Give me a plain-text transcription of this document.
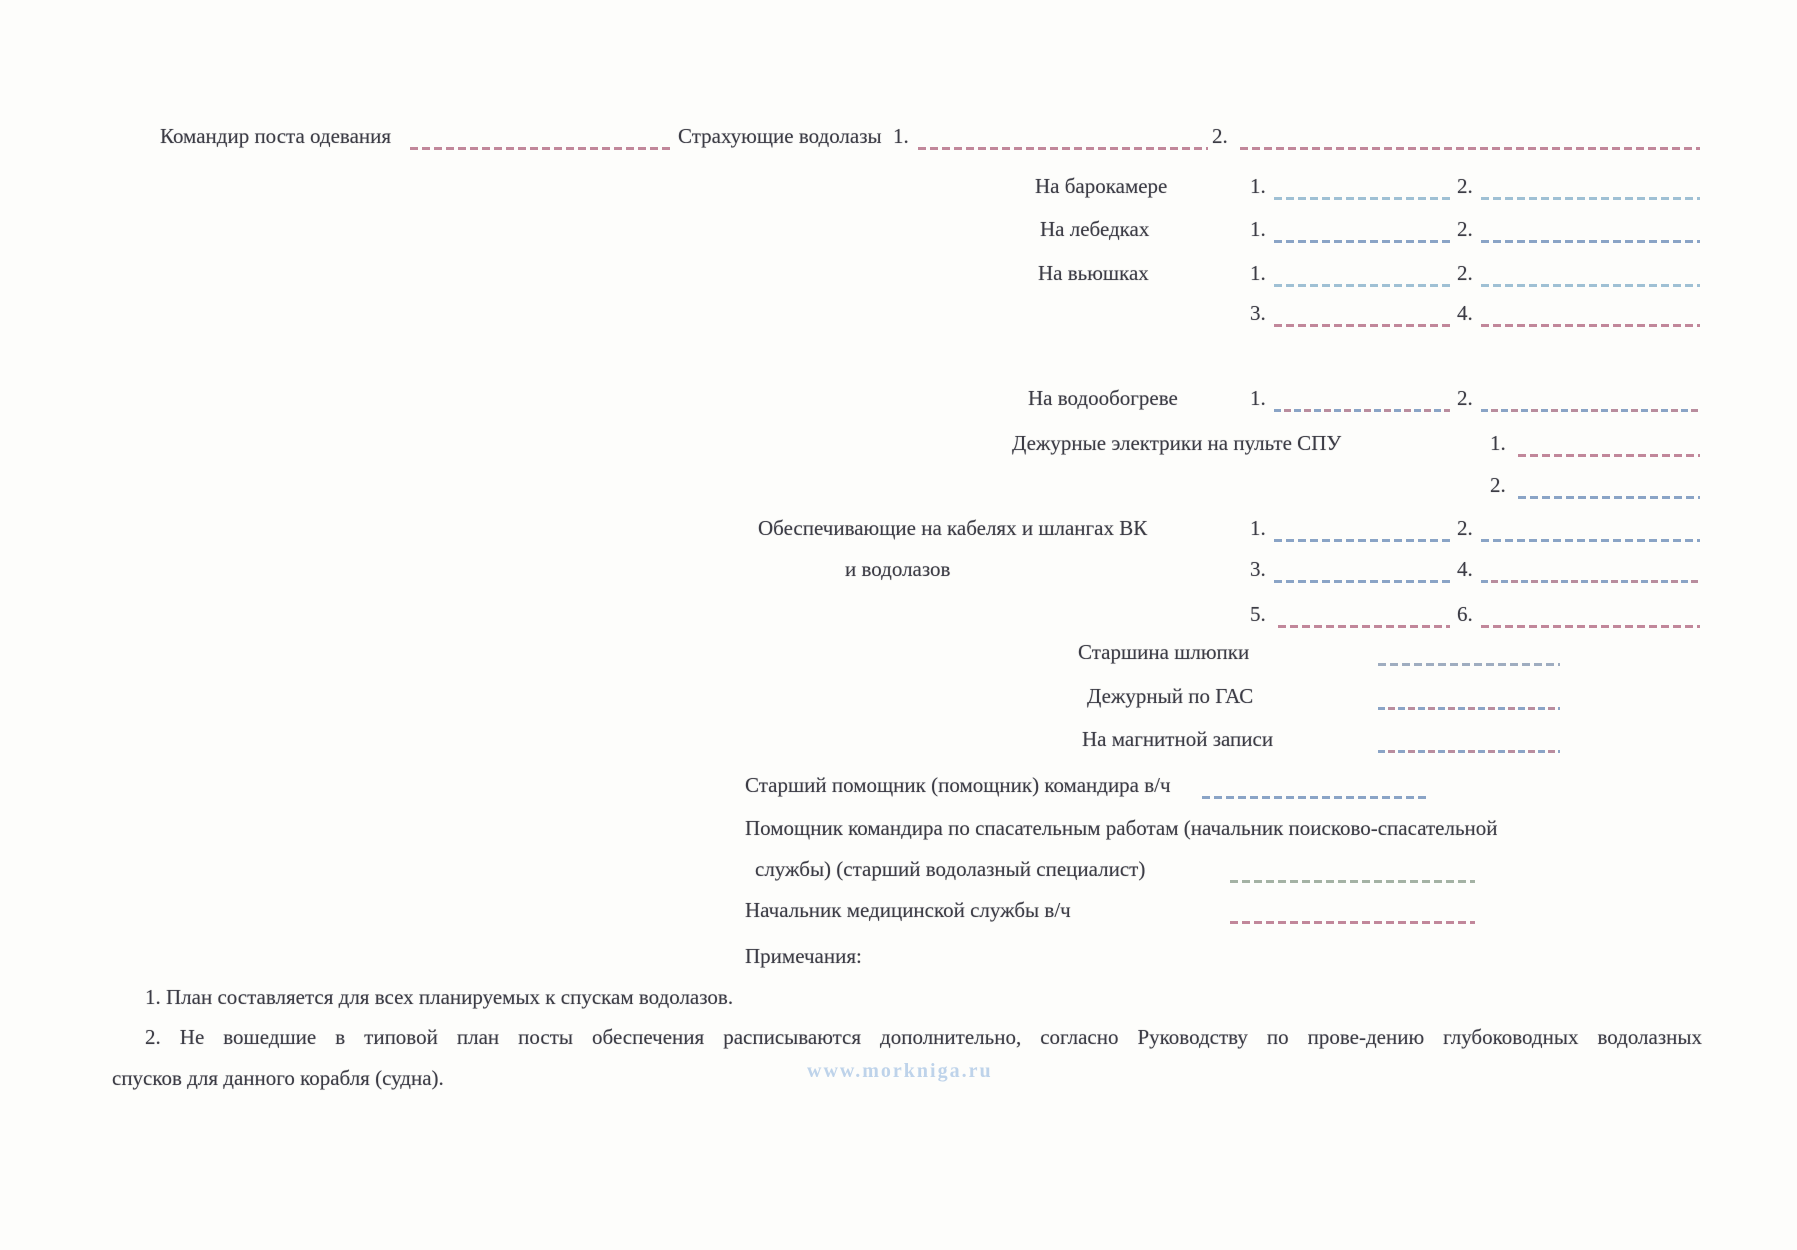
Командир поста одевания	Страхующие водолазы 1.	2.
На барокамере	1.	2.
На лебедках	1.	2.
На вьюшках	1.	2.
3.	4.
На водообогреве	1.	2.
Дежурные электрики на пульте СПУ	1.
2.
Обеспечивающие на кабелях и шлангах ВК	1.	2.
и водолазов	3.	4.
5.	6.
Старшина шлюпки
Дежурный по ГАС
На магнитной записи
Старший помощник (помощник) командира в/ч
Помощник командира по спасательным работам (начальник поисково-спасательной
службы) (старший водолазный специалист)
Начальник медицинской службы в/ч
Примечания:
1. План составляется для всех планируемых к спускам водолазов.
2. Не вошедшие в типовой план посты обеспечения расписываются дополнительно, согласно Руководству по прове-дению глубоководных водолазных
спусков для данного корабля (судна).	www.morkniga.ru
